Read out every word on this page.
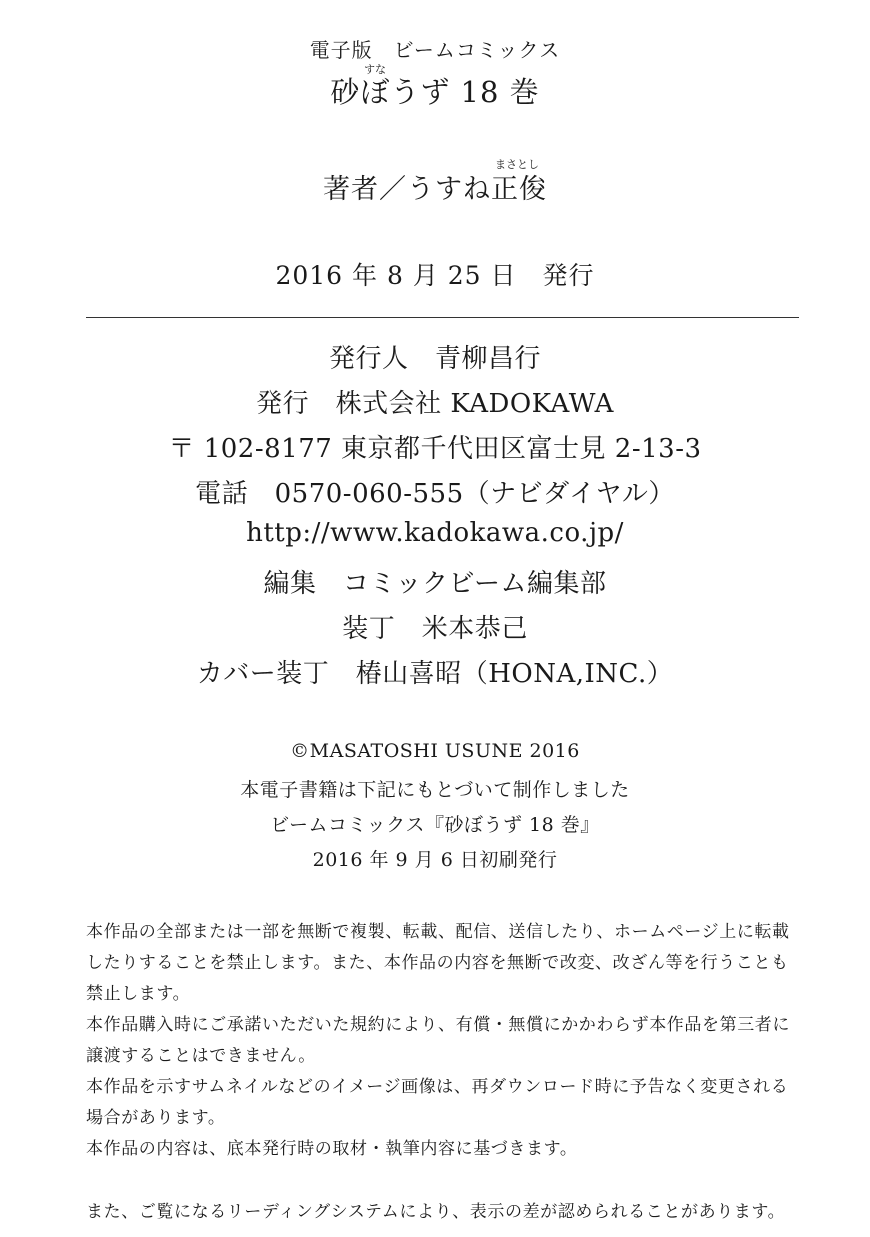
電子版　ビームコミックス
すな
砂ぼうず 18 巻
まさとし
著者／うすね正俊
2016 年 8 月 25 日　発行
発行人　青柳昌行
発行　株式会社 KADOKAWA
〒 102-8177 東京都千代田区富士見 2-13-3
電話　0570-060-555（ナビダイヤル）
http://www.kadokawa.co.jp/
編集　コミックビーム編集部
装丁　米本恭己
カバー装丁　椿山喜昭（HONA,INC.）
©MASATOSHI USUNE 2016
本電子書籍は下記にもとづいて制作しました
ビームコミックス『砂ぼうず 18 巻』
2016 年 9 月 6 日初刷発行
本作品の全部または一部を無断で複製、転載、配信、送信したり、ホームページ上に転載
したりすることを禁止します。また、本作品の内容を無断で改変、改ざん等を行うことも
禁止します。
本作品購入時にご承諾いただいた規約により、有償・無償にかかわらず本作品を第三者に
譲渡することはできません。
本作品を示すサムネイルなどのイメージ画像は、再ダウンロード時に予告なく変更される
場合があります。
本作品の内容は、底本発行時の取材・執筆内容に基づきます。
また、ご覧になるリーディングシステムにより、表示の差が認められることがあります。
